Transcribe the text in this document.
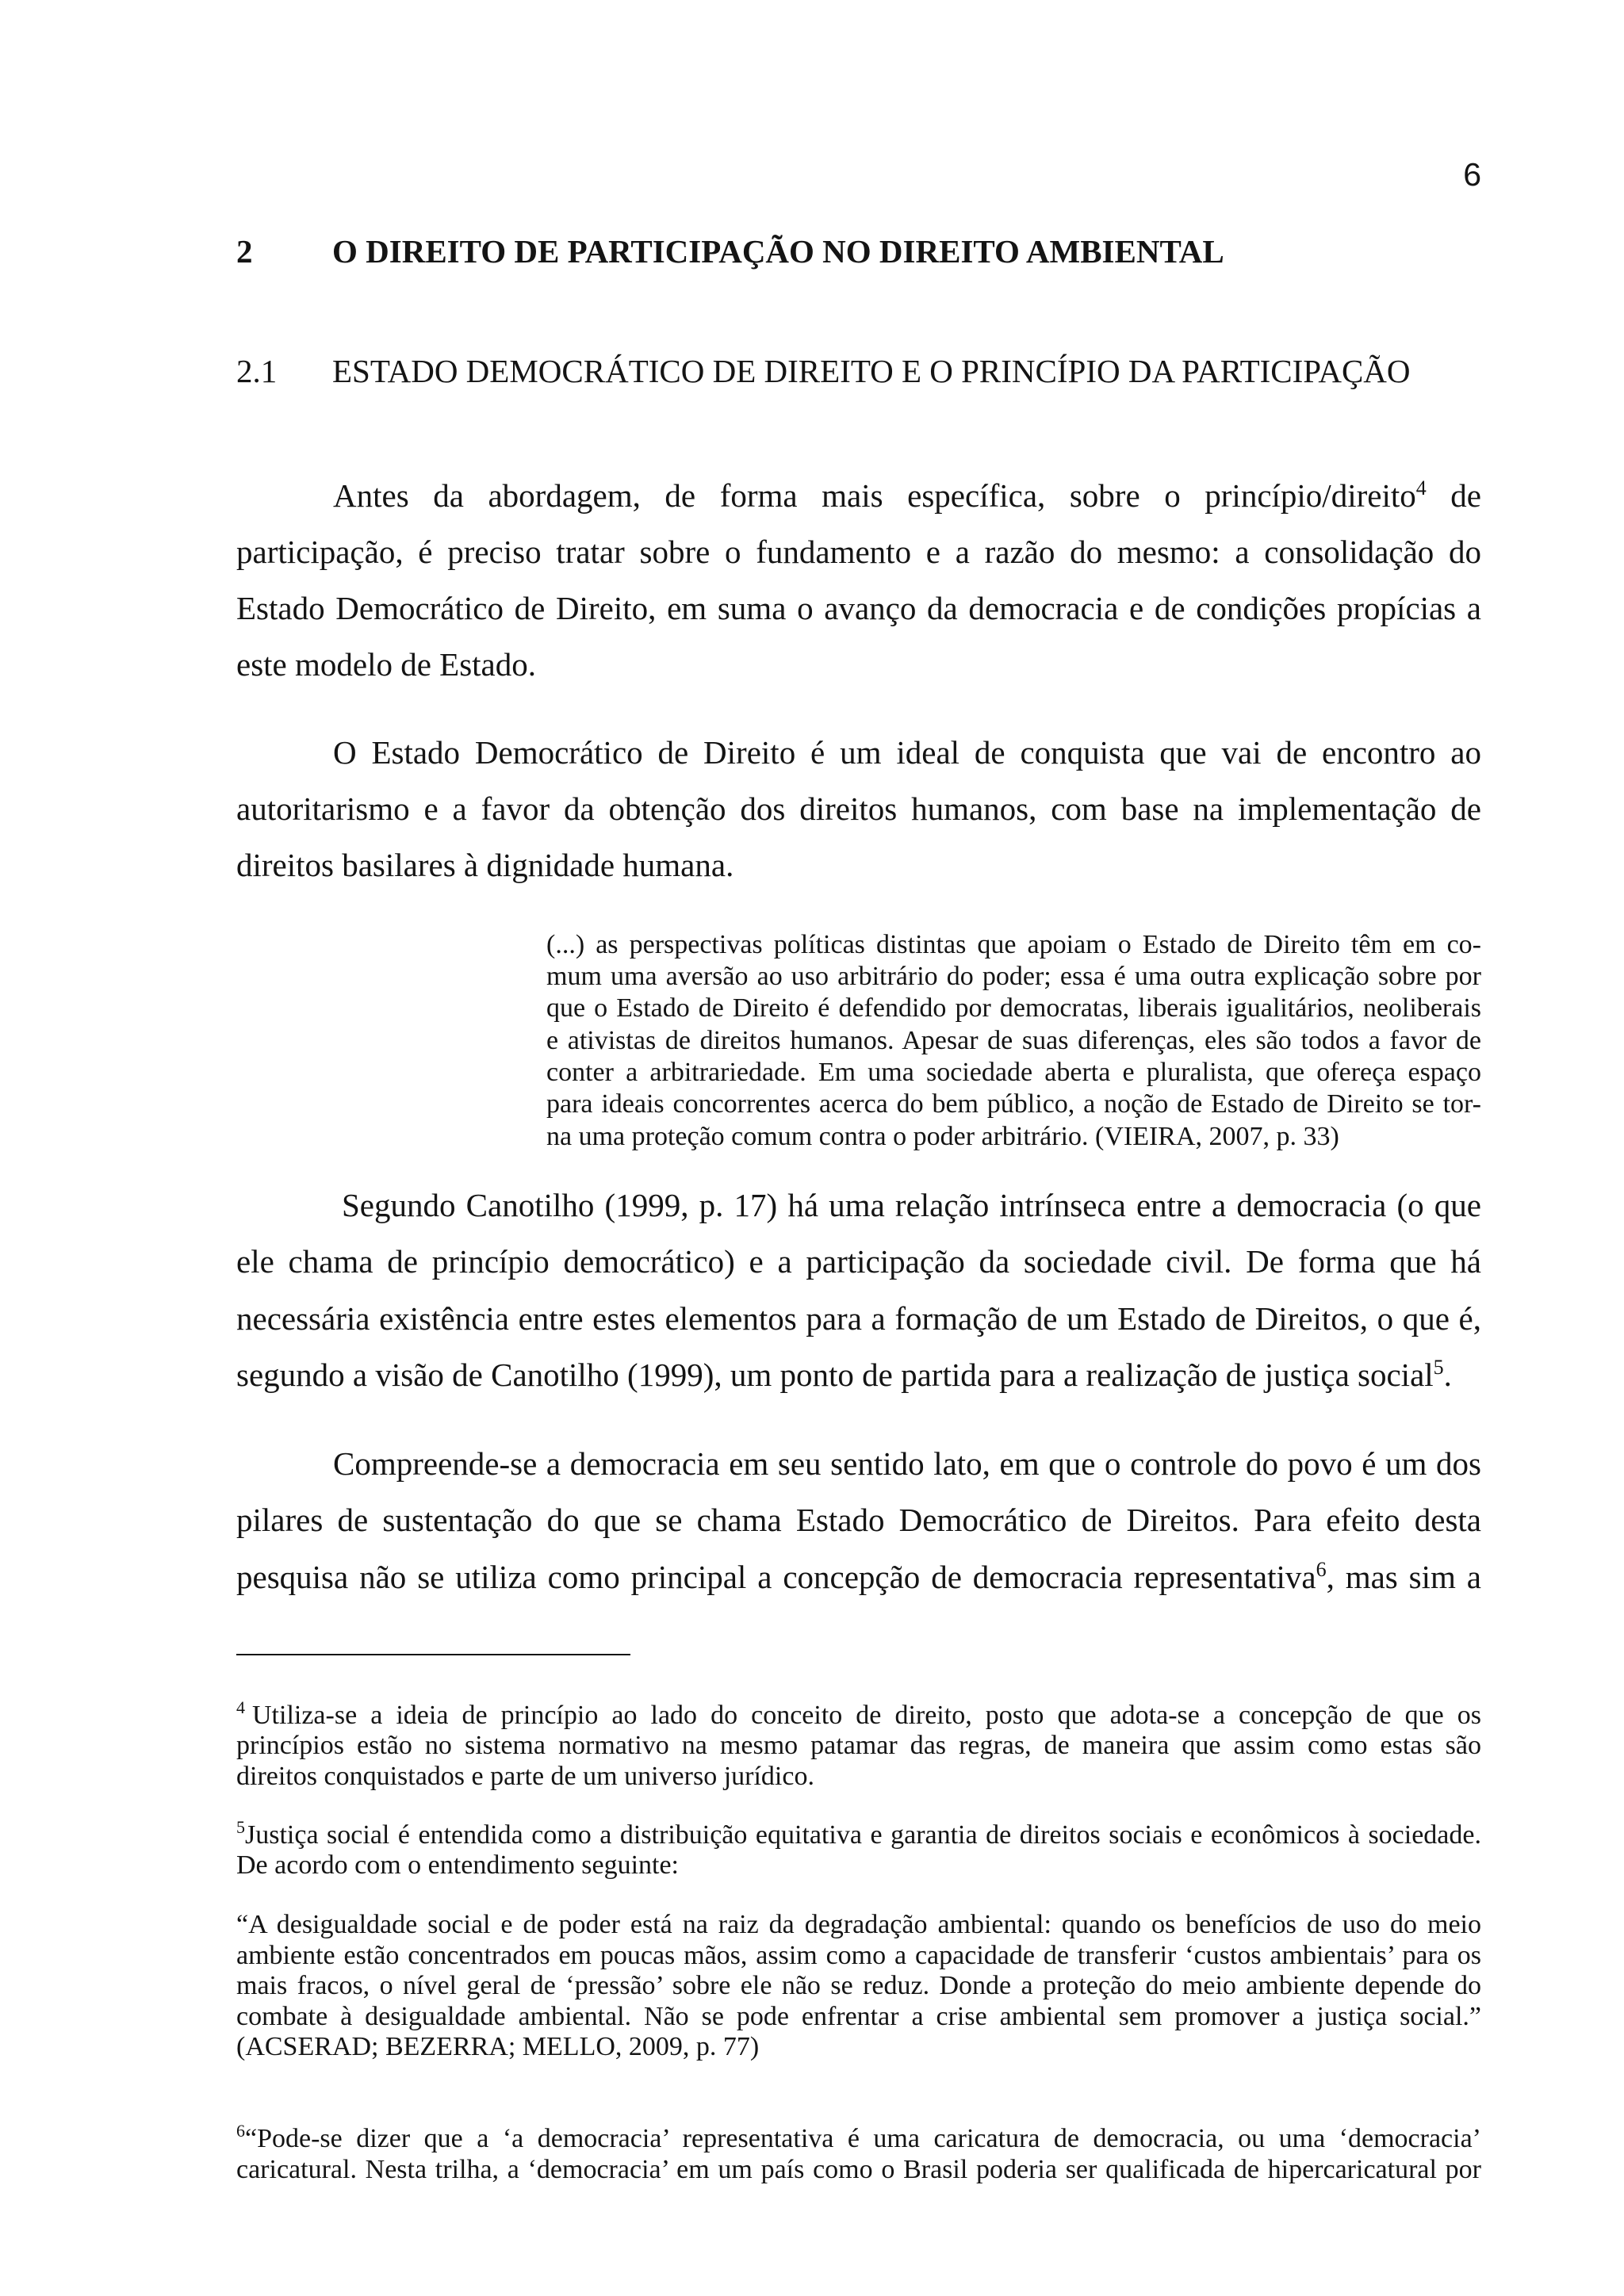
6
2 O DIREITO DE PARTICIPAÇÃO NO DIREITO AMBIENTAL
2.1 ESTADO DEMOCRÁTICO DE DIREITO E O PRINCÍPIO DA PARTICIPAÇÃO
Antes da abordagem, de forma mais específica, sobre o princípio/direito$^4$ de
participação, é preciso tratar sobre o fundamento e a razão do mesmo: a consolidação do
Estado Democrático de Direito, em suma o avanço da democracia e de condições propícias a
este modelo de Estado.
O Estado Democrático de Direito é um ideal de conquista que vai de encontro ao
autoritarismo e a favor da obtenção dos direitos humanos, com base na implementação de
direitos basilares à dignidade humana.
(...) as perspectivas políticas distintas que apoiam o Estado de Direito têm em co-
mum uma aversão ao uso arbitrário do poder; essa é uma outra explicação sobre por
que o Estado de Direito é defendido por democratas, liberais igualitários, neoliberais
e ativistas de direitos humanos. Apesar de suas diferenças, eles são todos a favor de
conter a arbitrariedade. Em uma sociedade aberta e pluralista, que ofereça espaço
para ideais concorrentes acerca do bem público, a noção de Estado de Direito se tor-
na uma proteção comum contra o poder arbitrário. (VIEIRA, 2007, p. 33)
Segundo Canotilho (1999, p. 17) há uma relação intrínseca entre a democracia (o que
ele chama de princípio democrático) e a participação da sociedade civil. De forma que há
necessária existência entre estes elementos para a formação de um Estado de Direitos, o que é,
segundo a visão de Canotilho (1999), um ponto de partida para a realização de justiça social$^5$.
Compreende-se a democracia em seu sentido lato, em que o controle do povo é um dos
pilares de sustentação do que se chama Estado Democrático de Direitos. Para efeito desta
pesquisa não se utiliza como principal a concepção de democracia representativa$^6$, mas sim a
$^4$ Utiliza-se a ideia de princípio ao lado do conceito de direito, posto que adota-se a concepção de que os
princípios estão no sistema normativo na mesmo patamar das regras, de maneira que assim como estas são
direitos conquistados e parte de um universo jurídico.
$^5$Justiça social é entendida como a distribuição equitativa e garantia de direitos sociais e econômicos à sociedade.
De acordo com o entendimento seguinte:
“A desigualdade social e de poder está na raiz da degradação ambiental: quando os benefícios de uso do meio
ambiente estão concentrados em poucas mãos, assim como a capacidade de transferir ‘custos ambientais’ para os
mais fracos, o nível geral de ‘pressão’ sobre ele não se reduz. Donde a proteção do meio ambiente depende do
combate à desigualdade ambiental. Não se pode enfrentar a crise ambiental sem promover a justiça social.”
(ACSERAD; BEZERRA; MELLO, 2009, p. 77)
$^6$“Pode-se dizer que a ‘a democracia’ representativa é uma caricatura de democracia, ou uma ‘democracia’
caricatural. Nesta trilha, a ‘democracia’ em um país como o Brasil poderia ser qualificada de hipercaricatural por
